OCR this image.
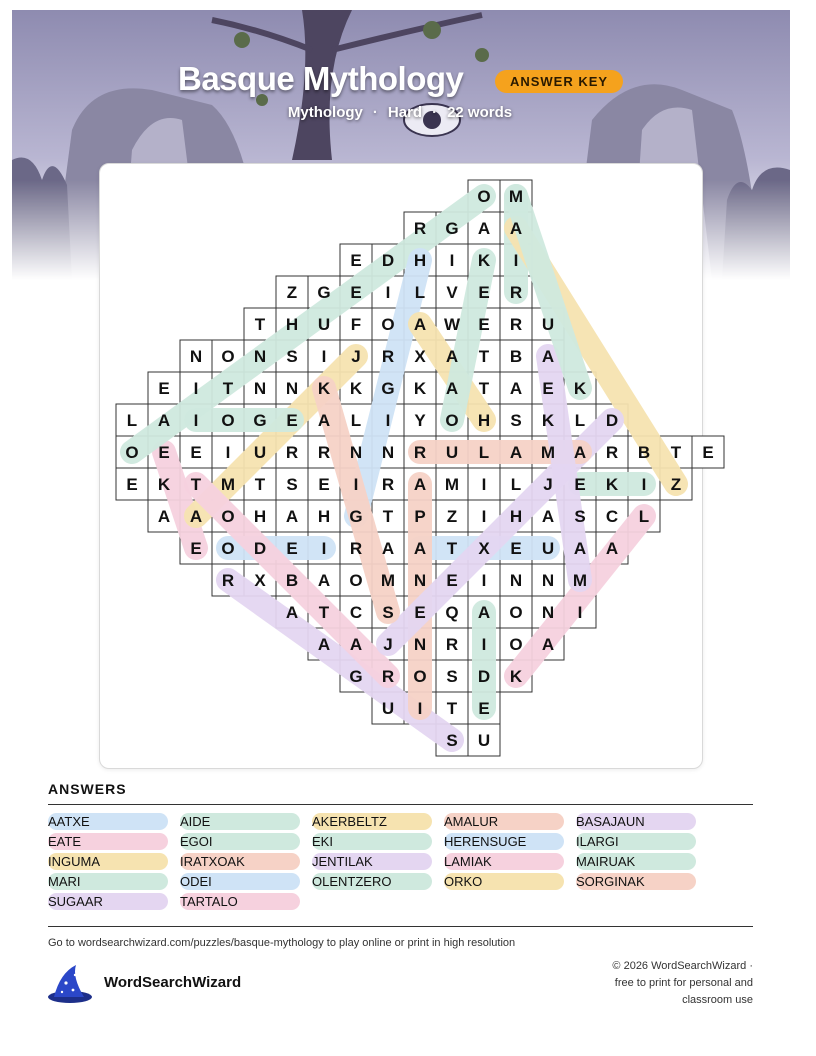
Basque Mythology	ANSWER KEY
Mythology · Hard · 22 words
O M
R G A A
E D H I K I
Z G E I L V E R
T H U F O A W E R U
N O N S I J R X A T B A
E I T N N K K G K A T A E K
L A I O G E A L I Y O H S K L D
O E E I U R R N N R U L A M A R B T E
E K T M T S E I R A M I L J E K I Z
A A O H A H G T P Z I H A S C L
E O D E I R A A T X E U A A
R X B A O M N E I N N M
A T C S E Q A O N I
A A J N R I O A
G R O S D K
U I T E
S U
ANSWERS
AATXE
EATE
INGUMA
MARI
SUGAAR
AIDE
EGOI
IRATXOAK
ODEI
TARTALO
AKERBELTZ
EKI
JENTILAK
OLENTZERO
AMALUR
HERENSUGE
LAMIAK
ORKO
BASAJAUN
ILARGI
MAIRUAK
SORGINAK
Go to wordsearchwizard.com/puzzles/basque-mythology to play online or print in high resolution
WordSearchWizard
© 2026 WordSearchWizard ·
free to print for personal and
classroom use
